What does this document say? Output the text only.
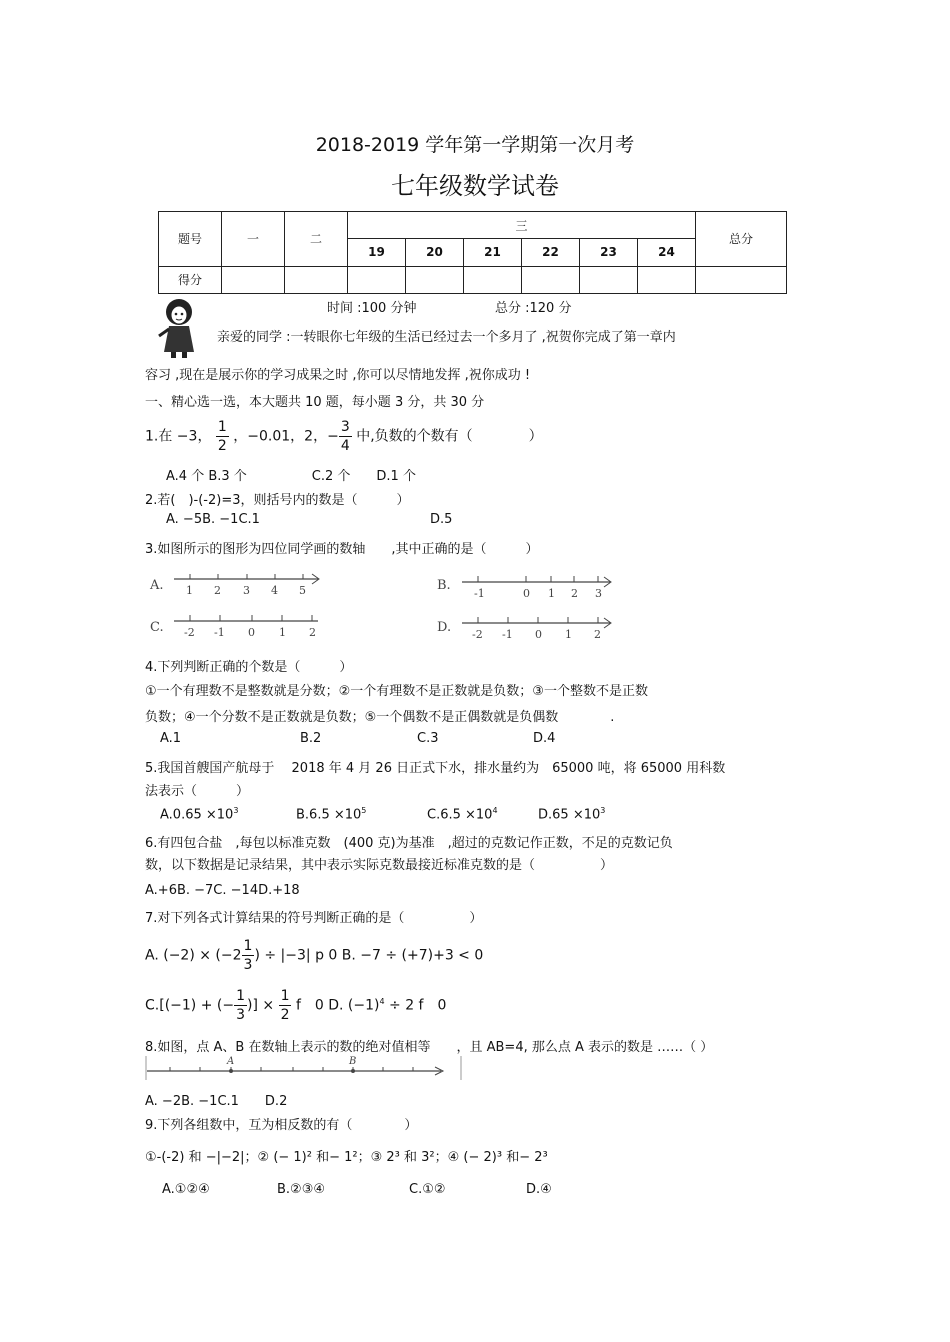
2018-2019 学年第一学期第一次月考
七年级数学试卷
题号	一	二	三						总分
			19	20	21	22	23	24	
得分									
时间 :100 分钟	总分 :120 分
亲爱的同学 :一转眼你七年级的生活已经过去一个多月了 ,祝贺你完成了第一章内
容习 ,现在是展示你的学习成果之时 ,你可以尽情地发挥 ,祝你成功 !
一、精心选一选，本大题共 10 题，每小题 3 分，共 30 分
1.在 −3， $\frac{1}{2}$ ，−0.01，2，− $\frac{3}{4}$ 中,负数的个数有（　　　　）
A.4 个 B.3 个　　　　　C.2 个　　D.1 个
2.若(　)-(-2)=3，则括号内的数是（　　　）
A. −5B. −1C.1	D.5
3.如图所示的图形为四位同学画的数轴　　,其中正确的是（　　　）
A. 1 2 3 4 5	B.
-1	0 1 2 3
C. -2 -1 0 1 2	D. -2 -1 0 1 2
4.下列判断正确的个数是（　　　）
①一个有理数不是整数就是分数；②一个有理数不是正数就是负数；③一个整数不是正数
负数；④一个分数不是正数就是负数；⑤一个偶数不是正偶数就是负偶数　　　　.
A.1	B.2	C.3	D.4
5.我国首艘国产航母于　 2018 年 4 月 26 日正式下水，排水量约为　65000 吨，将 65000 用科数
法表示（　　　）
$A.0.65 \times 10^3$	$B.6.5 \times 10^5$	$C.6.5 \times 10^4$	$D.65 \times 10^3$
6.有四包合盐　,每包以标准克数　(400 克)为基准　,超过的克数记作正数，不足的克数记负
数，以下数据是记录结果，其中表示实际克数最接近标准克数的是（　　　　　）
A.+6B. −7C. −14D.+18
7.对下列各式计算结果的符号判断正确的是（　　　　　）
A. $(-2) \times (-2 \frac{1}{3}$ ) ÷ |−3| p 0 B. −7 ÷ (+7)+3 < 0
C.[(−1) + (− $\frac{1}{3}$ )] × $\frac{1}{2}$ f　0 D. $(-1)^4 \div 2$ f　0
8.如图，点 A、B 在数轴上表示的数的绝对值相等　　，且 AB=4, 那么点 A 表示的数是 ……（ ）
A	B
A. −2B. −1C.1　　D.2
9.下列各组数中，互为相反数的有（　　　　）
①-(-2) 和 −|−2|；② (− 1)² 和− 1²；③ 2³ 和 3²；④ (− 2)³ 和− 2³
A.①②④	B.②③④	C.①②	D.④
